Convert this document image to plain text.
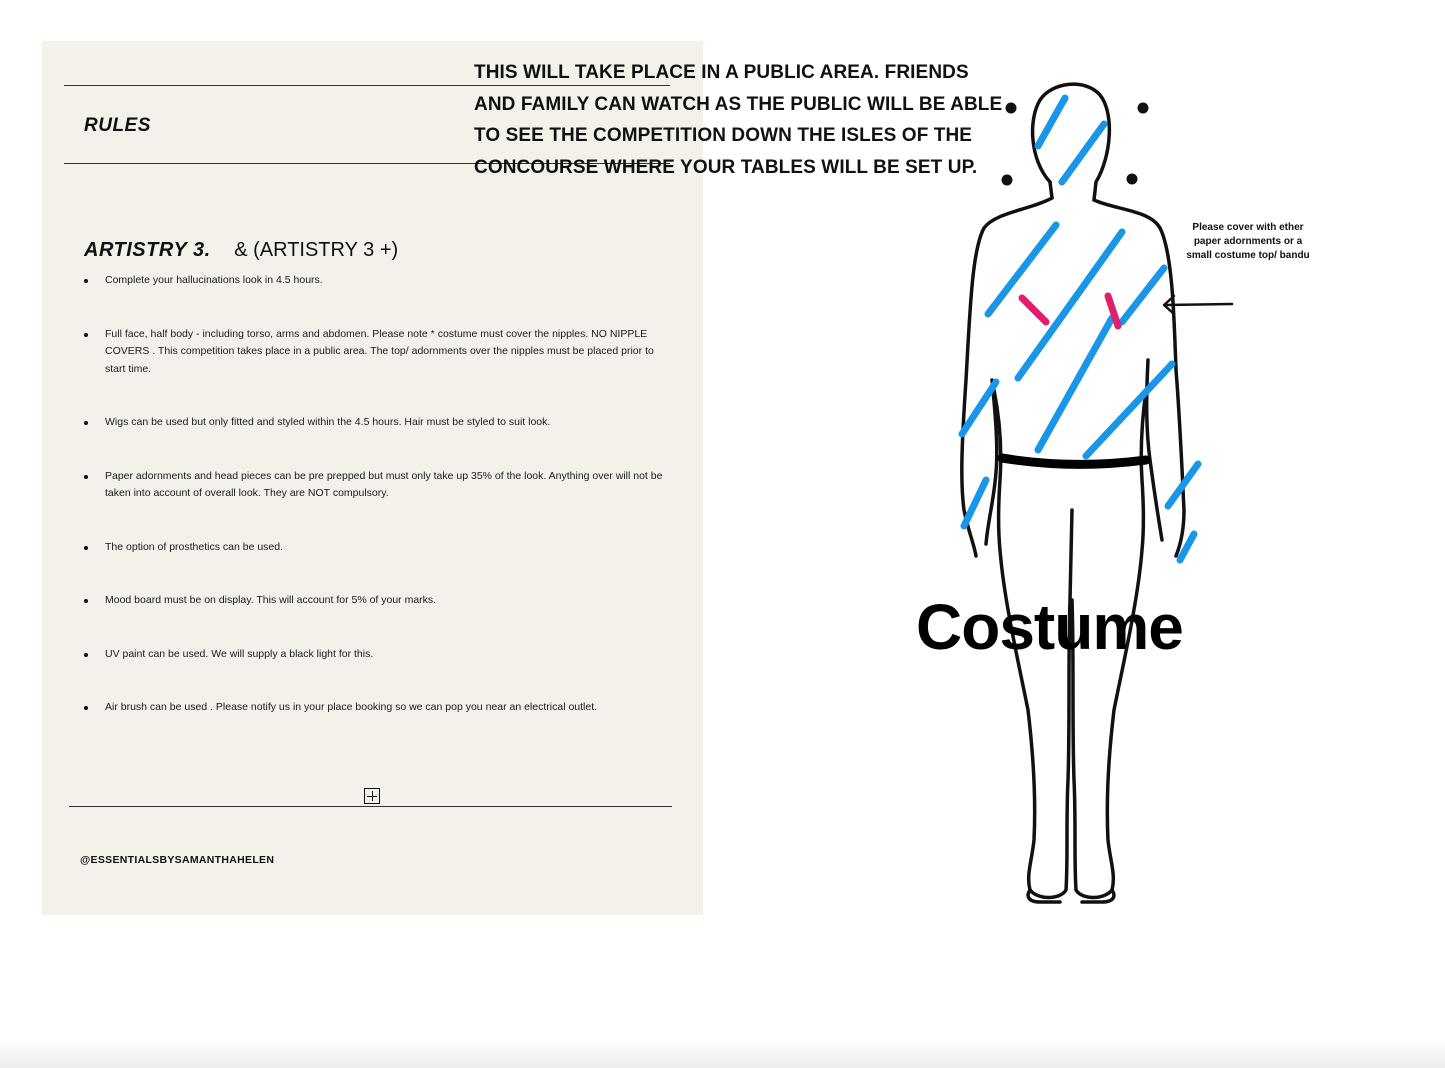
RULES
ARTISTRY 3. & (ARTISTRY 3 +)
Complete your hallucinations look in 4.5 hours.
Full face, half body - including torso, arms and abdomen. Please note * costume must cover the nipples. NO NIPPLE COVERS . This competition takes place in a public area. The top/ adornments over the nipples must be placed prior to start time.
Wigs can be used but only fitted and styled within the 4.5 hours. Hair must be styled to suit look.
Paper adornments and head pieces can be pre prepped but must only take up 35% of the look. Anything over will not be taken into account of overall look. They are NOT compulsory.
The option of prosthetics can be used.
Mood board must be on display. This will account for 5% of your marks.
UV paint can be used. We will supply a black light for this.
Air brush can be used . Please notify us in your place booking so we can pop you near an electrical outlet.
@ESSENTIALSBYSAMANTHAHELEN
THIS WILL TAKE PLACE IN A PUBLIC AREA. FRIENDS AND FAMILY CAN WATCH AS THE PUBLIC WILL BE ABLE TO SEE THE COMPETITION DOWN THE ISLES OF THE CONCOURSE WHERE YOUR TABLES WILL BE SET UP.
Please cover with ether paper adornments or a small costume top/ bandu
Costume
